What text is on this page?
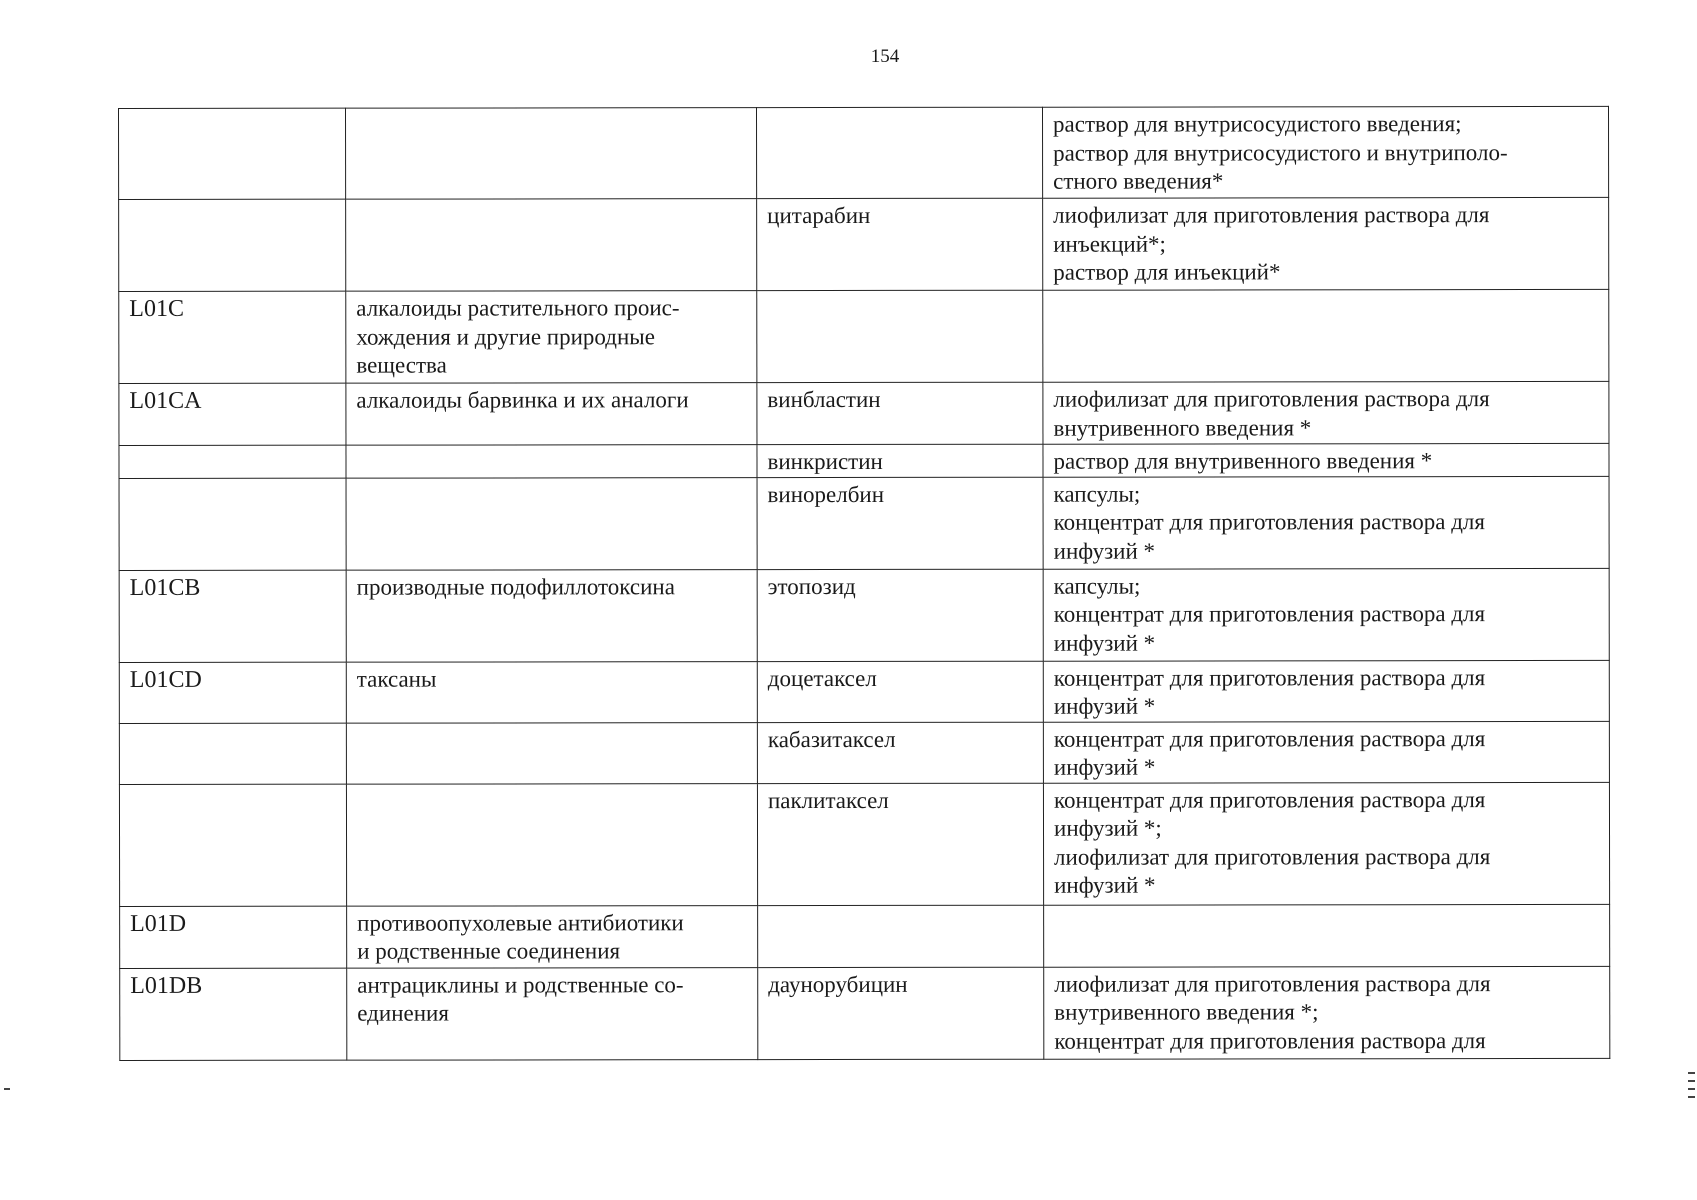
154
			раствор для внутрисосудистого введения;
раствор для внутрисосудистого и внутриполо-
стного введения*
		цитарабин	лиофилизат для приготовления раствора для
инъекций*;
раствор для инъекций*
L01C	алкалоиды растительного проис-
хождения и другие природные
вещества		
L01CA	алкалоиды барвинка и их аналоги	винбластин	лиофилизат для приготовления раствора для
внутривенного введения *
		винкристин	раствор для внутривенного введения *
		винорелбин	капсулы;
концентрат для приготовления раствора для
инфузий *
L01CB	производные подофиллотоксина	этопозид	капсулы;
концентрат для приготовления раствора для
инфузий *
L01CD	таксаны	доцетаксел	концентрат для приготовления раствора для
инфузий *
		кабазитаксел	концентрат для приготовления раствора для
инфузий *
		паклитаксел	концентрат для приготовления раствора для
инфузий *;
лиофилизат для приготовления раствора для
инфузий *
L01D	противоопухолевые антибиотики
и родственные соединения		
L01DB	антрациклины и родственные со-
единения	даунорубицин	лиофилизат для приготовления раствора для
внутривенного введения *;
концентрат для приготовления раствора для
